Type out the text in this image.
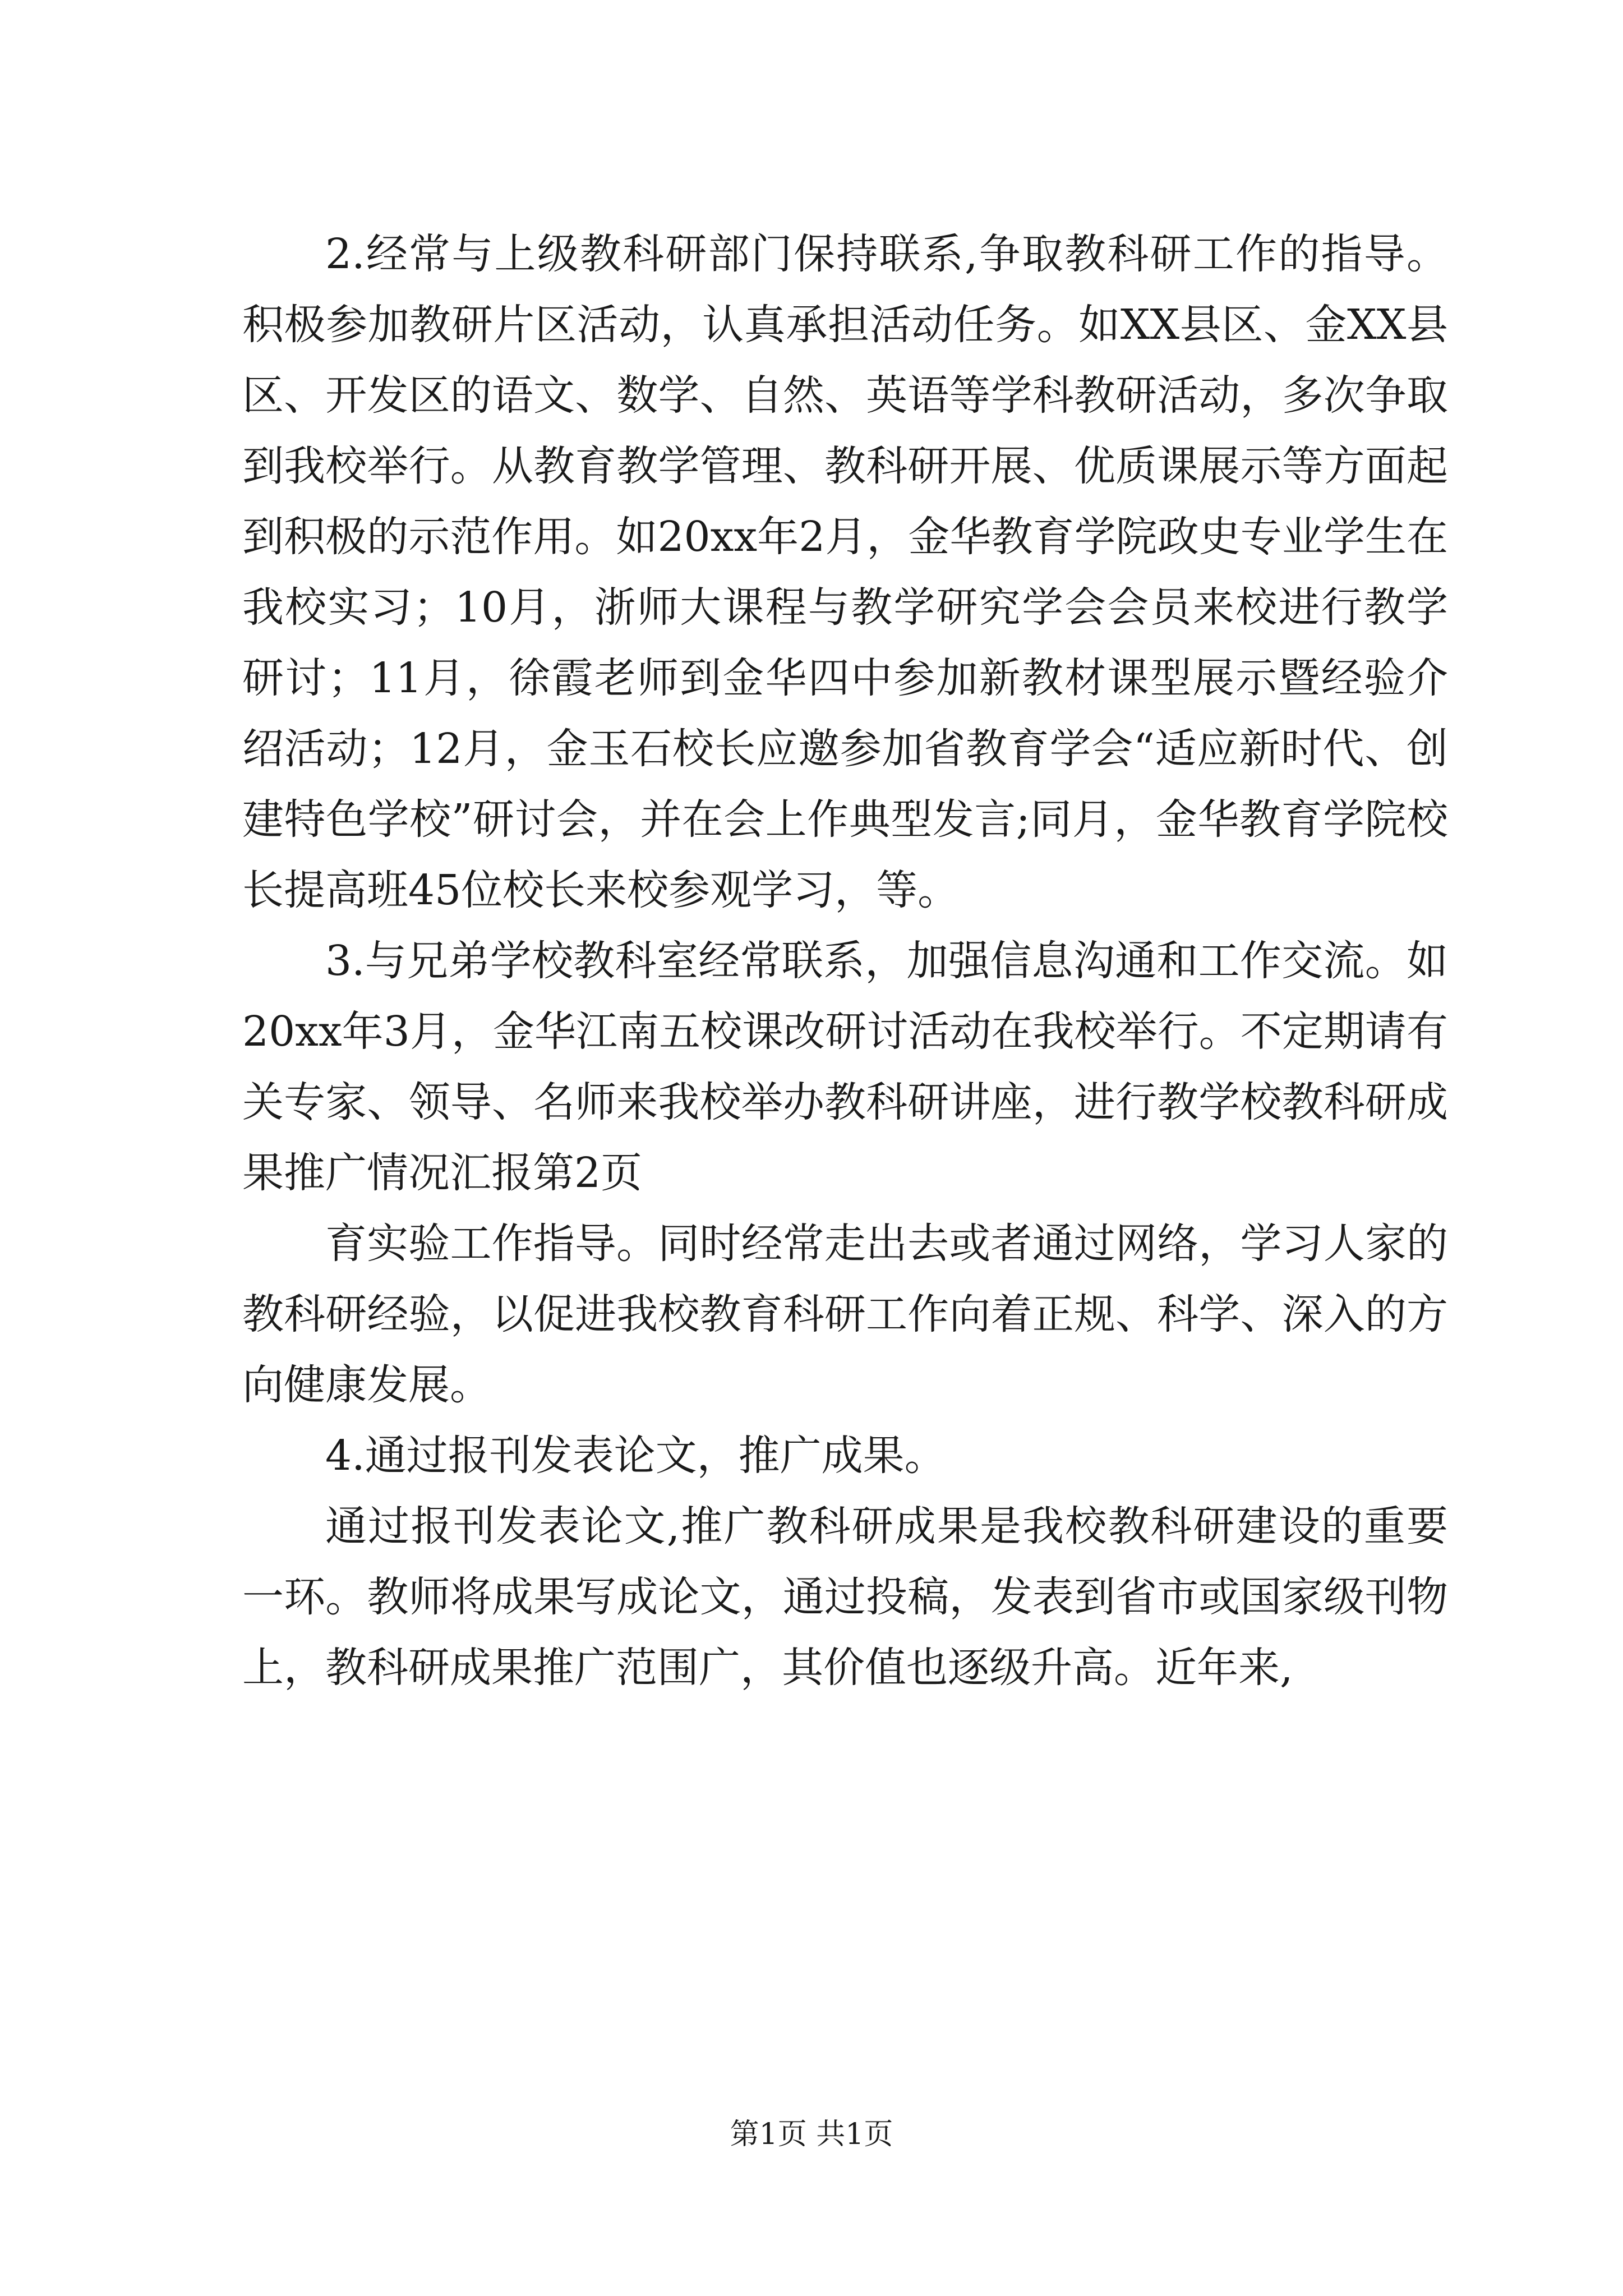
2.经常与上级教科研部门保持联系,争取教科研工作的指导。积极参加教研片区活动，认真承担活动任务。如XX县区、金XX县区、开发区的语文、数学、自然、英语等学科教研活动，多次争取到我校举行。从教育教学管理、教科研开展、优质课展示等方面起到积极的示范作用。如20xx年2月，金华教育学院政史专业学生在我校实习；10月，浙师大课程与教学研究学会会员来校进行教学研讨；11月，徐霞老师到金华四中参加新教材课型展示暨经验介绍活动；12月，金玉石校长应邀参加省教育学会“适应新时代、创建特色学校”研讨会，并在会上作典型发言;同月，金华教育学院校长提高班45位校长来校参观学习，等。

3.与兄弟学校教科室经常联系，加强信息沟通和工作交流。如20xx年3月，金华江南五校课改研讨活动在我校举行。不定期请有关专家、领导、名师来我校举办教科研讲座，进行教学校教科研成果推广情况汇报第2页

育实验工作指导。同时经常走出去或者通过网络，学习人家的教科研经验，以促进我校教育科研工作向着正规、科学、深入的方向健康发展。

4.通过报刊发表论文，推广成果。

通过报刊发表论文,推广教科研成果是我校教科研建设的重要一环。教师将成果写成论文，通过投稿，发表到省市或国家级刊物上，教科研成果推广范围广，其价值也逐级升高。近年来,

第1页 共1页
